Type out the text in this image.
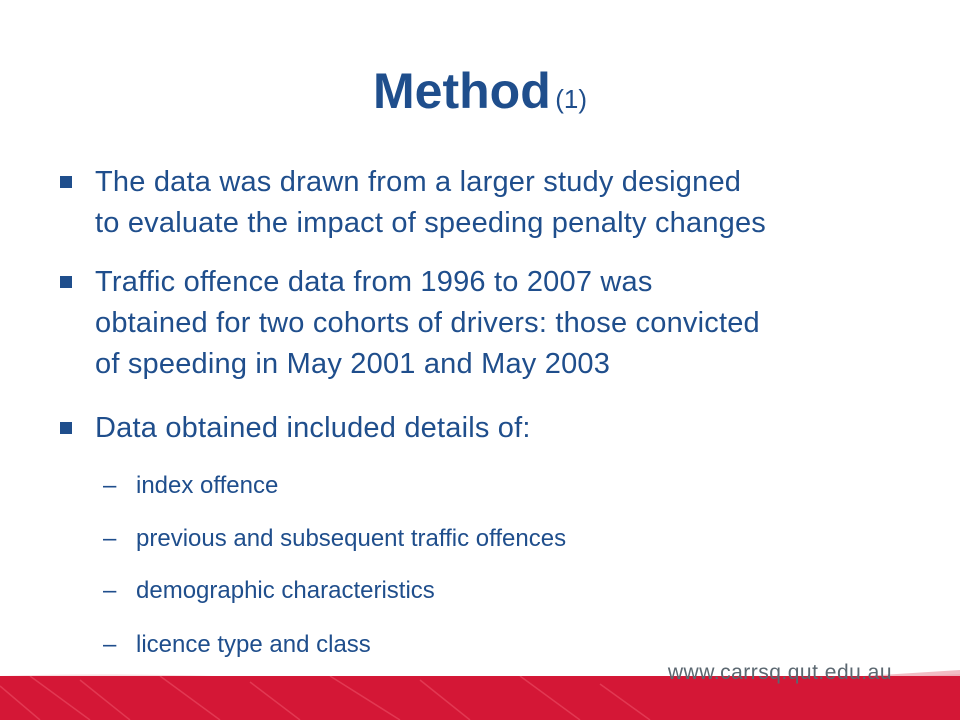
Method (1)
The data was drawn from a larger study designed
to evaluate the impact of speeding penalty changes
Traffic offence data from 1996 to 2007 was
obtained for two cohorts of drivers: those convicted
of speeding in May 2001 and May 2003
Data obtained included details of:
– index offence
– previous and subsequent traffic offences
– demographic characteristics
– licence type and class
www.carrsq.qut.edu.au
